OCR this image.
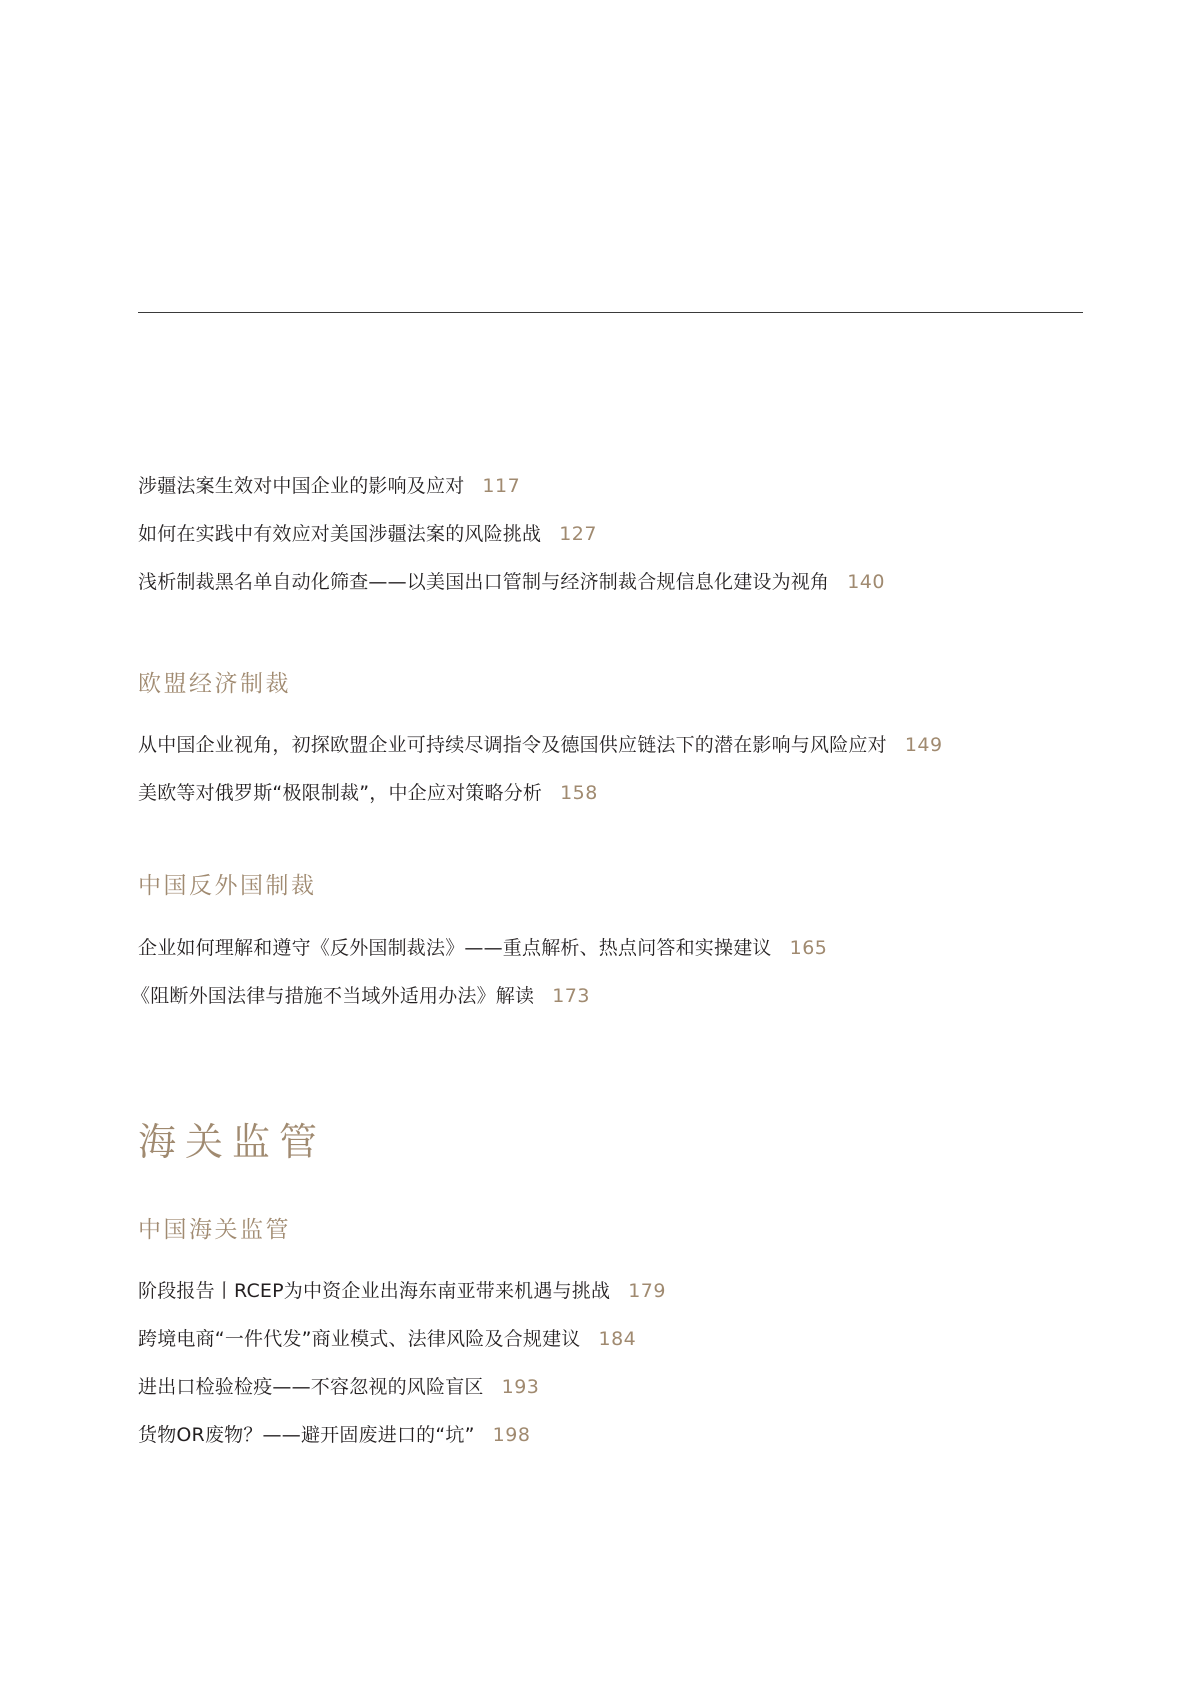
涉疆法案生效对中国企业的影响及应对 117
如何在实践中有效应对美国涉疆法案的风险挑战 127
浅析制裁黑名单自动化筛查——以美国出口管制与经济制裁合规信息化建设为视角 140
欧盟经济制裁
从中国企业视角，初探欧盟企业可持续尽调指令及德国供应链法下的潜在影响与风险应对 149
美欧等对俄罗斯“极限制裁”，中企应对策略分析 158
中国反外国制裁
企业如何理解和遵守《反外国制裁法》——重点解析、热点问答和实操建议 165
《阻断外国法律与措施不当域外适用办法》解读 173
海关监管
中国海关监管
阶段报告丨RCEP为中资企业出海东南亚带来机遇与挑战 179
跨境电商“一件代发”商业模式、法律风险及合规建议 184
进出口检验检疫——不容忽视的风险盲区 193
货物OR废物？——避开固废进口的“坑” 198
